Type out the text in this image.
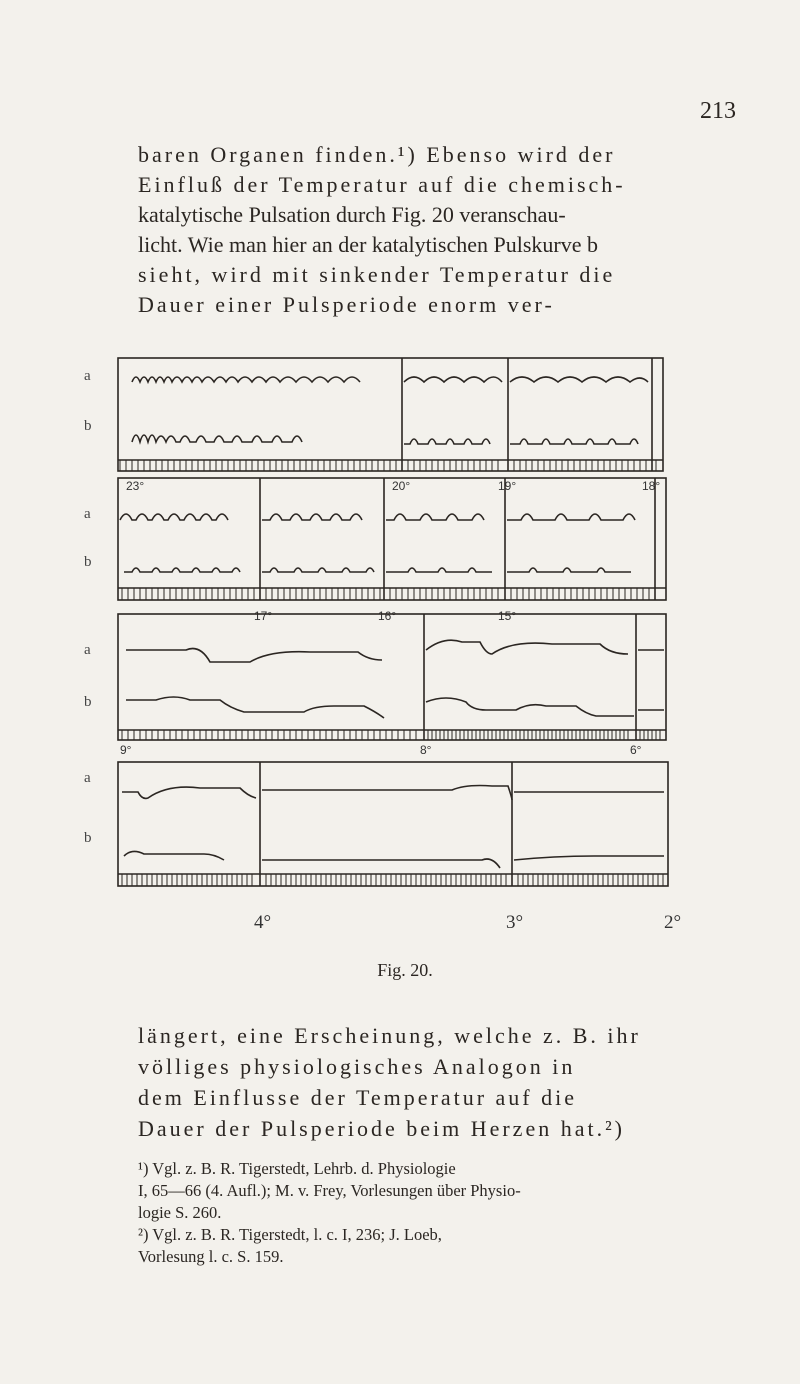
213

baren Organen finden.¹) Ebenso wird der
Einfluß der Temperatur auf die chemisch-
katalytische Pulsation durch Fig. 20 veranschau-
licht. Wie man hier an der katalytischen Pulskurve b
sieht, wird mit sinkender Temperatur die
Dauer einer Pulsperiode enorm ver-

a
b
23°	20°	19°	18°
a
b
17°	16°	15°
a
b
9°	8°	6°
a
b
4°	3°	2°
Fig. 20.

längert, eine Erscheinung, welche z. B. ihr
völliges physiologisches Analogon in
dem Einflusse der Temperatur auf die
Dauer der Pulsperiode beim Herzen hat.²)

¹) Vgl. z. B. R. Tigerstedt, Lehrb. d. Physiologie
I, 65—66 (4. Aufl.); M. v. Frey, Vorlesungen über Physio-
logie S. 260.
²) Vgl. z. B. R. Tigerstedt, l. c. I, 236; J. Loeb,
Vorlesung l. c. S. 159.
